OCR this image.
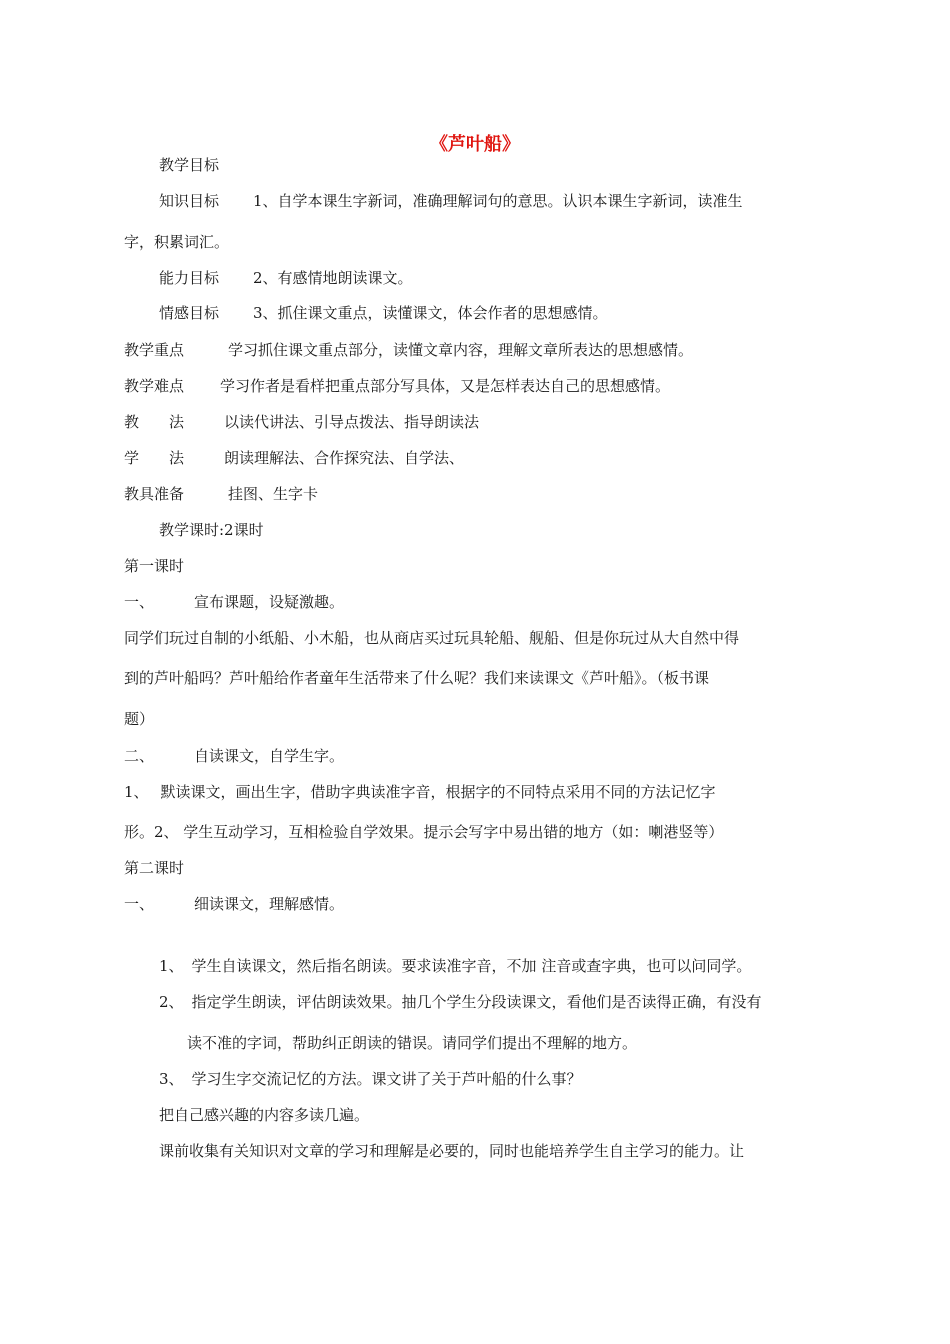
《芦叶船》
教学目标
知识目标 1、自学本课生字新词，准确理解词句的意思。认识本课生字新词，读准生
字，积累词汇。
能力目标 2、有感情地朗读课文。
情感目标 3、抓住课文重点，读懂课文，体会作者的思想感情。
教学重点	学习抓住课文重点部分，读懂文章内容，理解文章所表达的思想感情。
教学难点 学习作者是看样把重点部分写具体，又是怎样表达自己的思想感情。
教 法	以读代讲法、引导点拨法、指导朗读法
学 法	朗读理解法、合作探究法、自学法、
教具准备	挂图、生字卡
教学课时:2课时
第一课时
一、	宣布课题，设疑激趣。
同学们玩过自制的小纸船、小木船，也从商店买过玩具轮船、舰船、但是你玩过从大自然中得
到的芦叶船吗？芦叶船给作者童年生活带来了什么呢？我们来读课文《芦叶船》。（板书课
题）
二、	自读课文，自学生字。
1、 默读课文，画出生字，借助字典读准字音，根据字的不同特点采用不同的方法记忆字
形。2、 学生互动学习，互相检验自学效果。提示会写字中易出错的地方（如：喇港竖等）
第二课时
一、	细读课文，理解感情。
1、 学生自读课文，然后指名朗读。要求读准字音，不加 注音或查字典，也可以问同学。
2、 指定学生朗读，评估朗读效果。抽几个学生分段读课文，看他们是否读得正确，有没有
读不准的字词，帮助纠正朗读的错误。请同学们提出不理解的地方。
3、 学习生字交流记忆的方法。课文讲了关于芦叶船的什么事？
把自己感兴趣的内容多读几遍。
课前收集有关知识对文章的学习和理解是必要的，同时也能培养学生自主学习的能力。让
